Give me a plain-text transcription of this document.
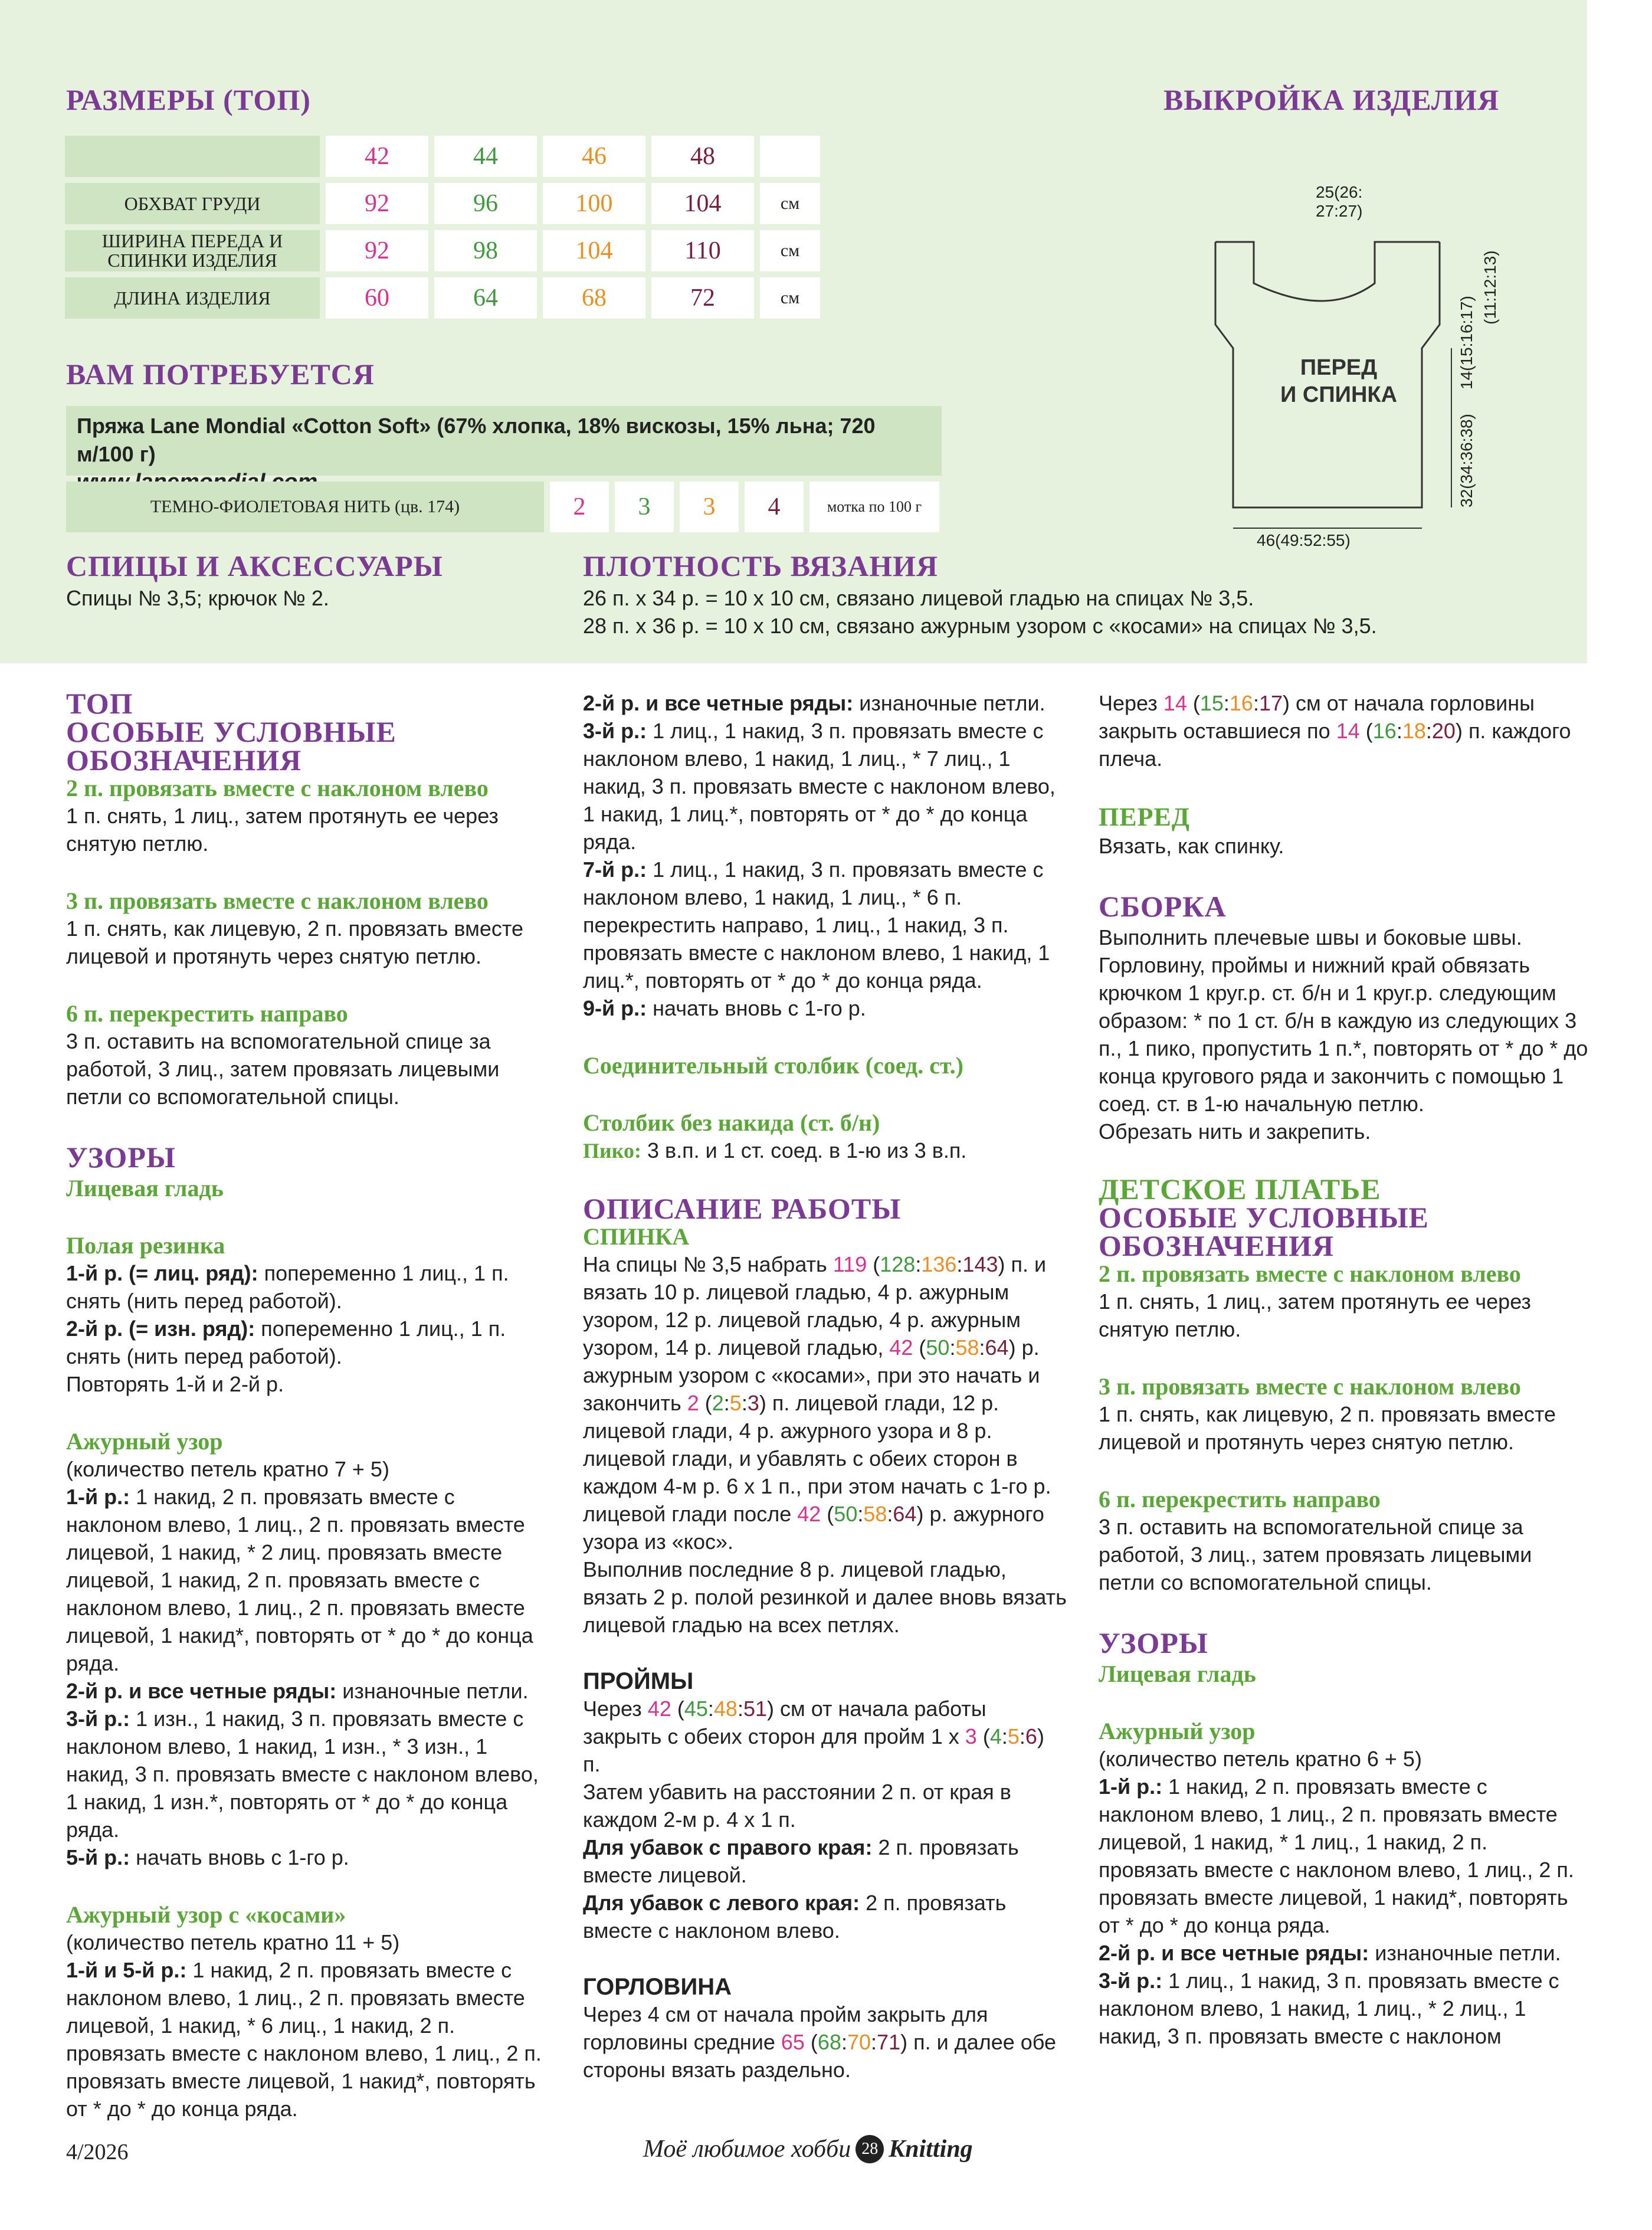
РАЗМЕРЫ (ТОП)	ВЫКРОЙКА ИЗДЕЛИЯ
	42	44	46	48	
ОБХВАТ ГРУДИ	92	96	100	104	см
ШИРИНА ПЕРЕДА И СПИНКИ ИЗДЕЛИЯ	92	98	104	110	см
ДЛИНА ИЗДЕЛИЯ	60	64	68	72	см
ВАМ ПОТРЕБУЕТСЯ
Пряжа Lane Mondial «Cotton Soft» (67% хлопка, 18% вискозы, 15% льна; 720 м/100 г)
ТЕМНО-ФИОЛЕТОВАЯ НИТЬ (цв. 174)	2	3	3	4	мотка по 100 г
СПИЦЫ И АКСЕССУАРЫ
Спицы № 3,5; крючок № 2.
ПЛОТНОСТЬ ВЯЗАНИЯ
26 п. х 34 р. = 10 х 10 см, связано лицевой гладью на спицах № 3,5.
28 п. х 36 р. = 10 х 10 см, связано ажурным узором с «косами» на спицах № 3,5.
ПЕРЕД
И СПИНКА
46(49:52:55)
32(34:36:38)
14(15:16:17)
(11:12:13)
25(26:
27:27)
ТОП
ОСОБЫЕ УСЛОВНЫЕ ОБОЗНАЧЕНИЯ
2 п. провязать вместе с наклоном влево

1 п. снять, 1 лиц., затем протянуть ее через снятую петлю.

3 п. провязать вместе с наклоном влево

1 п. снять, как лицевую, 2 п. провязать вместе лицевой и протянуть через снятую петлю.

6 п. перекрестить направо

3 п. оставить на вспомогательной спице за работой, 3 лиц., затем провязать лицевыми петли со вспомогательной спицы.

УЗОРЫ
Лицевая гладь
Полая резинка

1-й р. (= лиц. ряд): попеременно 1 лиц., 1 п. снять (нить перед работой).

2-й р. (= изн. ряд): попеременно 1 лиц., 1 п. снять (нить перед работой).

Повторять 1-й и 2-й р.

Ажурный узор

(количество петель кратно 7 + 5)

1-й р.: 1 накид, 2 п. провязать вместе с наклоном влево, 1 лиц., 2 п. провязать вместе лицевой, 1 накид, * 2 лиц. провязать вместе лицевой, 1 накид, 2 п. провязать вместе с наклоном влево, 1 лиц., 2 п. провязать вместе лицевой, 1 накид*, повторять от * до * до конца ряда.

2-й р. и все четные ряды: изнаночные петли.

3-й р.: 1 изн., 1 накид, 3 п. провязать вместе с наклоном влево, 1 накид, 1 изн., * 3 изн., 1 накид, 3 п. провязать вместе с наклоном влево, 1 накид, 1 изн.*, повторять от * до * до конца ряда.

5-й р.: начать вновь с 1-го р.

Ажурный узор с «косами»

(количество петель кратно 11 + 5)

1-й и 5-й р.: 1 накид, 2 п. провязать вместе с наклоном влево, 1 лиц., 2 п. провязать вместе лицевой, 1 накид, * 6 лиц., 1 накид, 2 п. провязать вместе с наклоном влево, 1 лиц., 2 п. провязать вместе лицевой, 1 накид*, повторять от * до * до конца ряда.

2-й р. и все четные ряды: изнаночные петли.

3-й р.: 1 лиц., 1 накид, 3 п. провязать вместе с наклоном влево, 1 накид, 1 лиц., * 7 лиц., 1 накид, 3 п. провязать вместе с наклоном влево, 1 накид, 1 лиц.*, повторять от * до * до конца ряда.

7-й р.: 1 лиц., 1 накид, 3 п. провязать вместе с наклоном влево, 1 накид, 1 лиц., * 6 п. перекрестить направо, 1 лиц., 1 накид, 3 п. провязать вместе с наклоном влево, 1 накид, 1 лиц.*, повторять от * до * до конца ряда.

9-й р.: начать вновь с 1-го р.

Соединительный столбик (соед. ст.)
Столбик без накида (ст. б/н)

Пико: 3 в.п. и 1 ст. соед. в 1-ю из 3 в.п.

ОПИСАНИЕ РАБОТЫ
СПИНКА

На спицы № 3,5 набрать 119 (128:136:143) п. и вязать 10 р. лицевой гладью, 4 р. ажурным узором, 12 р. лицевой гладью, 4 р. ажурным узором, 14 р. лицевой гладью, 42 (50:58:64) р. ажурным узором с «косами», при это начать и закончить 2 (2:5:3) п. лицевой глади, 12 р. лицевой глади, 4 р. ажурного узора и 8 р. лицевой глади, и убавлять с обеих сторон в каждом 4-м р. 6 х 1 п., при этом начать с 1-го р. лицевой глади после 42 (50:58:64) р. ажурного узора из «кос».

Выполнив последние 8 р. лицевой гладью, вязать 2 р. полой резинкой и далее вновь вязать лицевой гладью на всех петлях.

ПРОЙМЫ

Через 42 (45:48:51) см от начала работы закрыть с обеих сторон для пройм 1 х 3 (4:5:6) п.

Затем убавить на расстоянии 2 п. от края в каждом 2-м р. 4 х 1 п.

Для убавок с правого края: 2 п. провязать вместе лицевой.

Для убавок с левого края: 2 п. провязать вместе с наклоном влево.

ГОРЛОВИНА

Через 4 см от начала пройм закрыть для горловины средние 65 (68:70:71) п. и далее обе стороны вязать раздельно.

Через 14 (15:16:17) см от начала горловины закрыть оставшиеся по 14 (16:18:20) п. каждого плеча.

ПЕРЕД

Вязать, как спинку.

СБОРКА

Выполнить плечевые швы и боковые швы. Горловину, проймы и нижний край обвязать крючком 1 круг.р. ст. б/н и 1 круг.р. следующим образом: * по 1 ст. б/н в каждую из следующих 3 п., 1 пико, пропустить 1 п.*, повторять от * до * до конца кругового ряда и закончить с помощью 1 соед. ст. в 1-ю начальную петлю.

Обрезать нить и закрепить.

ДЕТСКОЕ ПЛАТЬЕ
ОСОБЫЕ УСЛОВНЫЕ ОБОЗНАЧЕНИЯ
2 п. провязать вместе с наклоном влево

1 п. снять, 1 лиц., затем протянуть ее через снятую петлю.

3 п. провязать вместе с наклоном влево

1 п. снять, как лицевую, 2 п. провязать вместе лицевой и протянуть через снятую петлю.

6 п. перекрестить направо

3 п. оставить на вспомогательной спице за работой, 3 лиц., затем провязать лицевыми петли со вспомогательной спицы.

УЗОРЫ
Лицевая гладь
Ажурный узор

(количество петель кратно 6 + 5)

1-й р.: 1 накид, 2 п. провязать вместе с наклоном влево, 1 лиц., 2 п. провязать вместе лицевой, 1 накид, * 1 лиц., 1 накид, 2 п. провязать вместе с наклоном влево, 1 лиц., 2 п. провязать вместе лицевой, 1 накид*, повторять от * до * до конца ряда.

2-й р. и все четные ряды: изнаночные петли.

3-й р.: 1 лиц., 1 накид, 3 п. провязать вместе с наклоном влево, 1 накид, 1 лиц., * 2 лиц., 1 накид, 3 п. провязать вместе с наклоном

4/2026	Моё любимое хобби 28 Knitting
